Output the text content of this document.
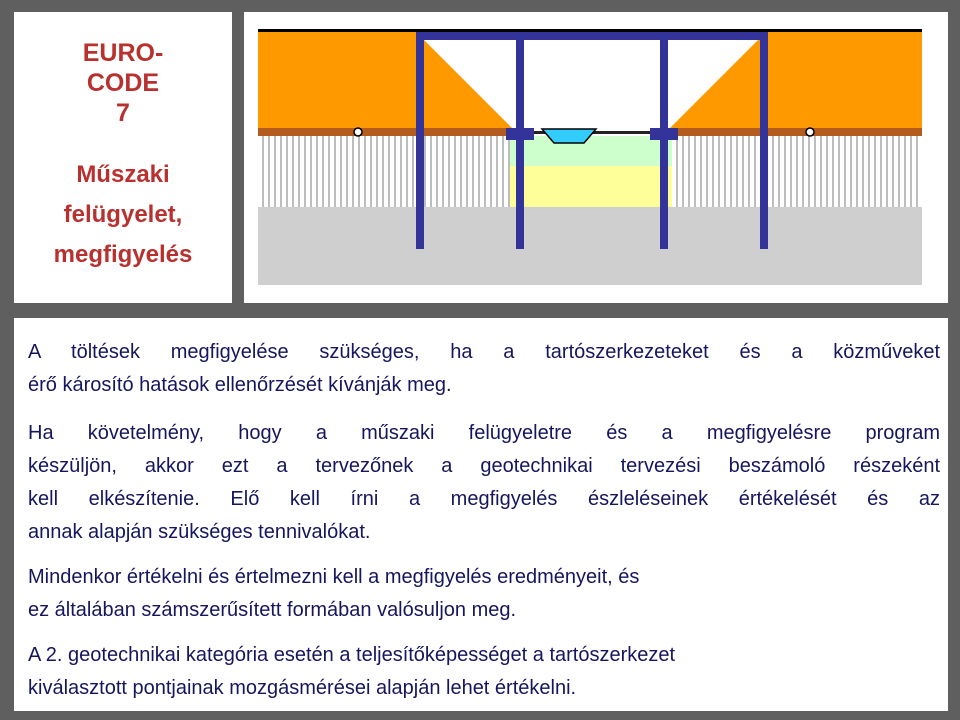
EURO-

CODE

7

Műszaki

felügyelet,

megfigyelés

A töltések megfigyelése szükséges, ha a tartószerkezeteket és a közműveket
érő károsító hatások ellenőrzését kívánják meg.

Ha követelmény, hogy a műszaki felügyeletre és a megfigyelésre program
készüljön, akkor ezt a tervezőnek a geotechnikai tervezési beszámoló részeként
kell elkészítenie. Elő kell írni a megfigyelés észleléseinek értékelését és az
annak alapján szükséges tennivalókat.

Mindenkor értékelni és értelmezni kell a megfigyelés eredményeit, és
ez általában számszerűsített formában valósuljon meg.

A 2. geotechnikai kategória esetén a teljesítőképességet a tartószerkezet
kiválasztott pontjainak mozgásmérései alapján lehet értékelni.
